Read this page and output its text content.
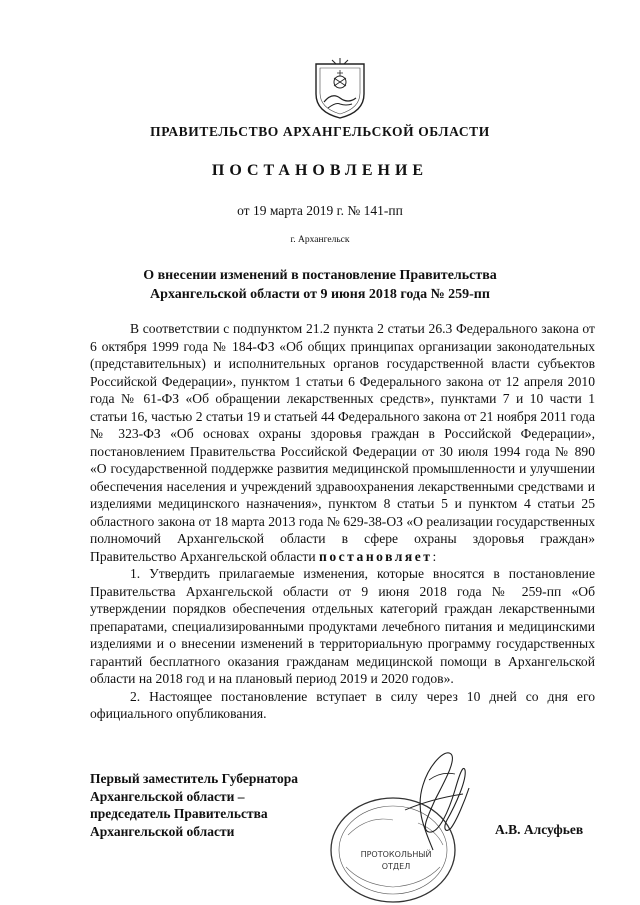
ПРАВИТЕЛЬСТВО АРХАНГЕЛЬСКОЙ ОБЛАСТИ
ПОСТАНОВЛЕНИЕ
от 19 марта 2019 г. № 141-пп
г. Архангельск
О внесении изменений в постановление Правительства
Архангельской области от 9 июня 2018 года № 259-пп

В соответствии с подпунктом 21.2 пункта 2 статьи 26.3 Федерального закона от 6 октября 1999 года № 184-ФЗ «Об общих принципах организации законодательных (представительных) и исполнительных органов государственной власти субъектов Российской Федерации», пунктом 1 статьи 6 Федерального закона от 12 апреля 2010 года № 61-ФЗ «Об обращении лекарственных средств», пунктами 7 и 10 части 1 статьи 16, частью 2 статьи 19 и статьей 44 Федерального закона от 21 ноября 2011 года № 323-ФЗ «Об основах охраны здоровья граждан в Российской Федерации», постановлением Правительства Российской Федерации от 30 июля 1994 года № 890 «О государственной поддержке развития медицинской промышленности и улучшении обеспечения населения и учреждений здравоохранения лекарственными средствами и изделиями медицинского назначения», пунктом 8 статьи 5 и пунктом 4 статьи 25 областного закона от 18 марта 2013 года № 629-38-ОЗ «О реализации государственных полномочий Архангельской области в сфере охраны здоровья граждан» Правительство Архангельской области постановляет:

1. Утвердить прилагаемые изменения, которые вносятся в постановление Правительства Архангельской области от 9 июня 2018 года № 259-пп «Об утверждении порядков обеспечения отдельных категорий граждан лекарственными препаратами, специализированными продуктами лечебного питания и медицинскими изделиями и о внесении изменений в территориальную программу государственных гарантий бесплатного оказания гражданам медицинской помощи в Архангельской области на 2018 год и на плановый период 2019 и 2020 годов».

2. Настоящее постановление вступает в силу через 10 дней со дня его официального опубликования.

ПРОТОКОЛЬНЫЙ
ОТДЕЛ
Первый заместитель Губернатора
Архангельской области –
председатель Правительства
Архангельской области	А.В. Алсуфьев
